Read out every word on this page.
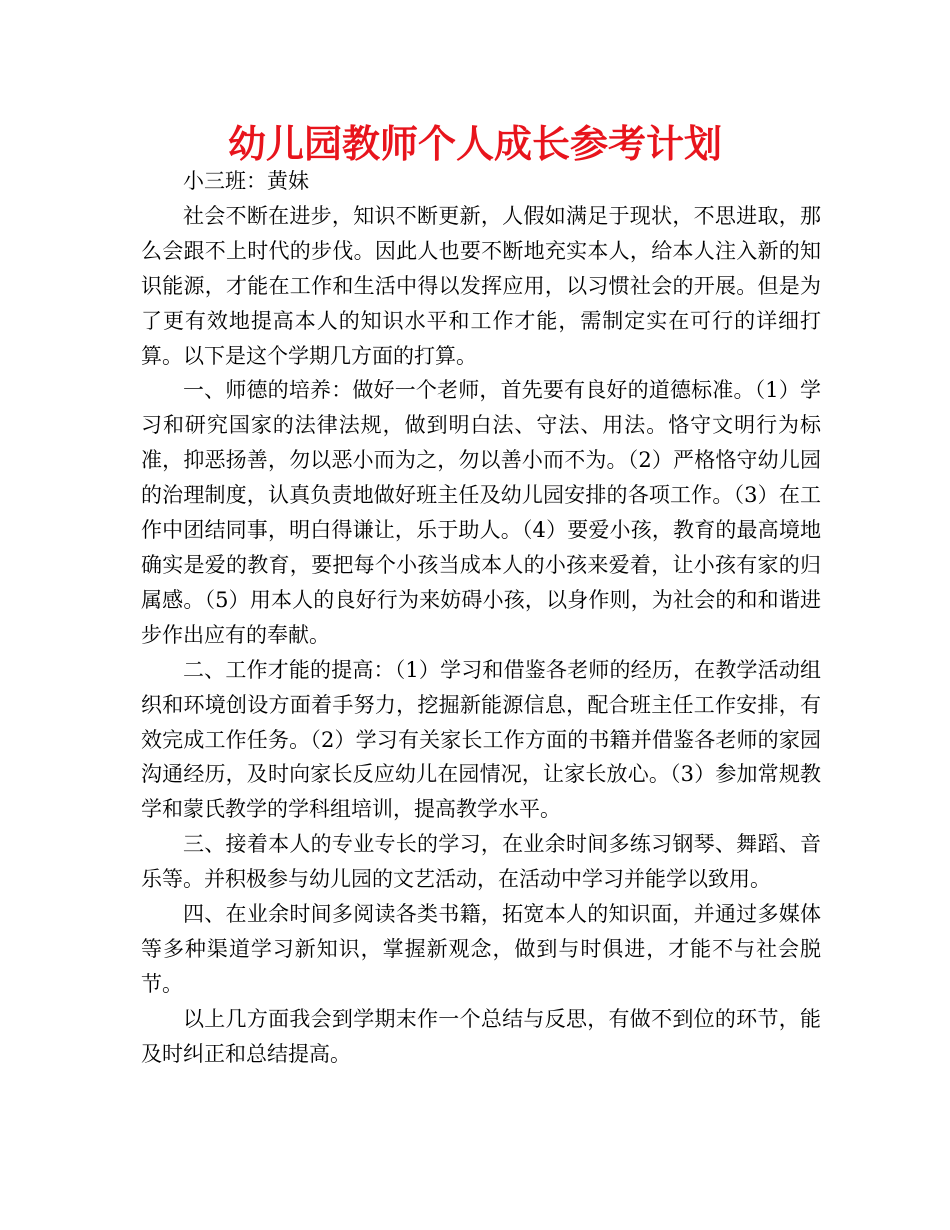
幼儿园教师个人成长参考计划

小三班：黄妹

社会不断在进步，知识不断更新，人假如满足于现状，不思进取，那么会跟不上时代的步伐。因此人也要不断地充实本人，给本人注入新的知识能源，才能在工作和生活中得以发挥应用，以习惯社会的开展。但是为了更有效地提高本人的知识水平和工作才能，需制定实在可行的详细打算。以下是这个学期几方面的打算。

一、师德的培养：做好一个老师，首先要有良好的道德标准。（1）学习和研究国家的法律法规，做到明白法、守法、用法。恪守文明行为标准，抑恶扬善，勿以恶小而为之，勿以善小而不为。（2）严格恪守幼儿园的治理制度，认真负责地做好班主任及幼儿园安排的各项工作。（3）在工作中团结同事，明白得谦让，乐于助人。（4）要爱小孩，教育的最高境地确实是爱的教育，要把每个小孩当成本人的小孩来爱着，让小孩有家的归属感。（5）用本人的良好行为来妨碍小孩，以身作则，为社会的和和谐进步作出应有的奉献。

二、工作才能的提高：（1）学习和借鉴各老师的经历，在教学活动组织和环境创设方面着手努力，挖掘新能源信息，配合班主任工作安排，有效完成工作任务。（2）学习有关家长工作方面的书籍并借鉴各老师的家园沟通经历，及时向家长反应幼儿在园情况，让家长放心。（3）参加常规教学和蒙氏教学的学科组培训，提高教学水平。

三、接着本人的专业专长的学习，在业余时间多练习钢琴、舞蹈、音乐等。并积极参与幼儿园的文艺活动，在活动中学习并能学以致用。

四、在业余时间多阅读各类书籍，拓宽本人的知识面，并通过多媒体等多种渠道学习新知识，掌握新观念，做到与时俱进，才能不与社会脱节。

以上几方面我会到学期末作一个总结与反思，有做不到位的环节，能及时纠正和总结提高。
